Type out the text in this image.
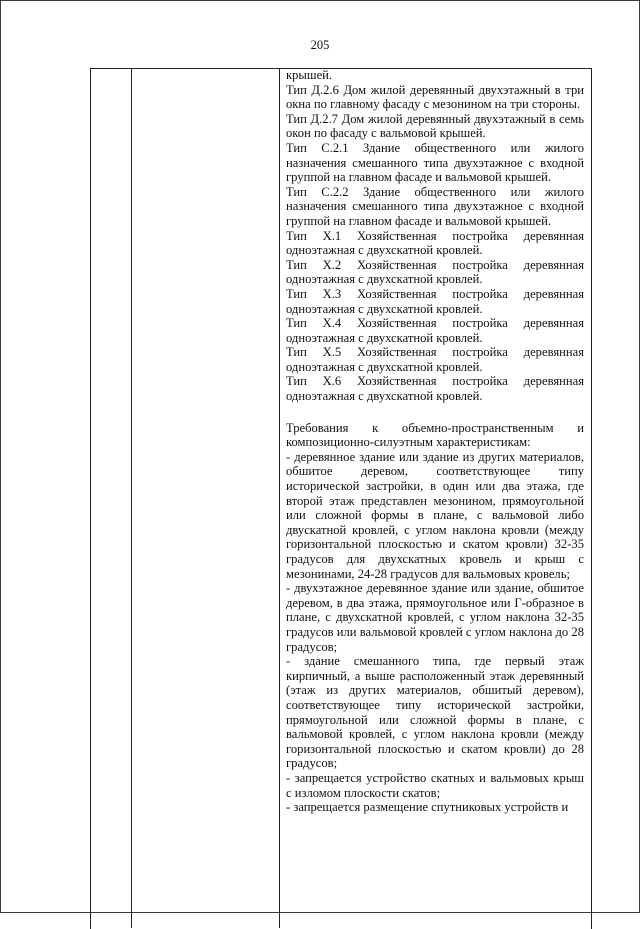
205

крышей.

Тип Д.2.6 Дом жилой деревянный двухэтажный в три окна по главному фасаду с мезонином на три стороны.

Тип Д.2.7 Дом жилой деревянный двухэтажный в семь окон по фасаду с вальмовой крышей.

Тип С.2.1 Здание общественного или жилого назначения смешанного типа двухэтажное с входной группой на главном фасаде и вальмовой крышей.

Тип С.2.2 Здание общественного или жилого назначения смешанного типа двухэтажное с входной группой на главном фасаде и вальмовой крышей.

Тип Х.1 Хозяйственная постройка деревянная одноэтажная с двухскатной кровлей.

Тип Х.2 Хозяйственная постройка деревянная одноэтажная с двухскатной кровлей.

Тип Х.3 Хозяйственная постройка деревянная одноэтажная с двухскатной кровлей.

Тип Х.4 Хозяйственная постройка деревянная одноэтажная с двухскатной кровлей.

Тип Х.5 Хозяйственная постройка деревянная одноэтажная с двухскатной кровлей.

Тип Х.6 Хозяйственная постройка деревянная одноэтажная с двухскатной кровлей.

Требования к объемно-пространственным и композиционно-силуэтным характеристикам:

- деревянное здание или здание из других материалов, обшитое деревом, соответствующее типу исторической застройки, в один или два этажа, где второй этаж представлен мезонином, прямоугольной или сложной формы в плане, с вальмовой либо двускатной кровлей, с углом наклона кровли (между горизонтальной плоскостью и скатом кровли) 32-35 градусов для двухскатных кровель и крыш с мезонинами, 24-28 градусов для вальмовых кровель;

- двухэтажное деревянное здание или здание, обшитое деревом, в два этажа, прямоугольное или Г-образное в плане, с двухскатной кровлей, с углом наклона 32-35 градусов или вальмовой кровлей с углом наклона до 28 градусов;

- здание смешанного типа, где первый этаж кирпичный, а выше расположенный этаж деревянный (этаж из других материалов, обшитый деревом), соответствующее типу исторической застройки, прямоугольной или сложной формы в плане, с вальмовой кровлей, с углом наклона кровли (между горизонтальной плоскостью и скатом кровли) до 28 градусов;

- запрещается устройство скатных и вальмовых крыш с изломом плоскости скатов;

- запрещается размещение спутниковых устройств и
